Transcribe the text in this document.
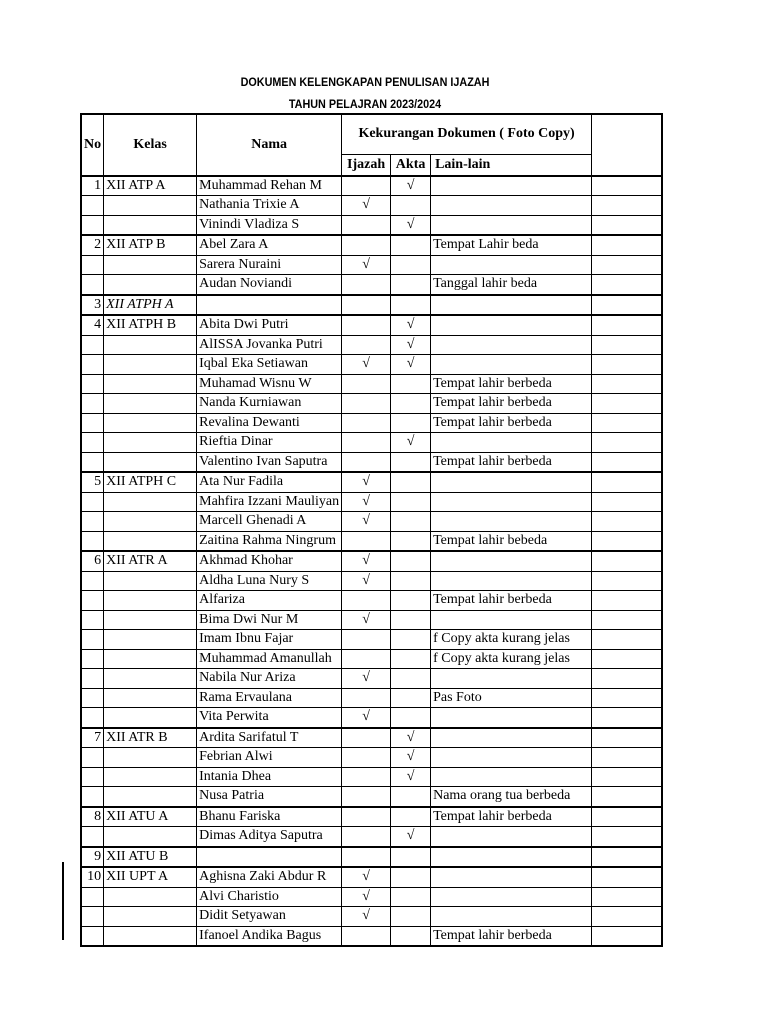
DOKUMEN KELENGKAPAN PENULISAN IJAZAH
TAHUN PELAJRAN 2023/2024
No	Kelas	Nama	Kekurangan Dokumen ( Foto Copy)			
			Ijazah	Akta	Lain-lain	
1	XII ATP A	Muhammad Rehan M		√		
		Nathania Trixie A	√			
		Vinindi Vladiza S		√		
2	XII ATP B	Abel Zara A			Tempat Lahir beda	
		Sarera Nuraini	√			
		Audan Noviandi			Tanggal lahir beda	
3	XII ATPH A					
4	XII ATPH B	Abita Dwi Putri		√		
		AlISSA Jovanka Putri		√		
		Iqbal Eka Setiawan	√	√		
		Muhamad Wisnu W			Tempat lahir berbeda	
		Nanda Kurniawan			Tempat lahir berbeda	
		Revalina Dewanti			Tempat lahir berbeda	
		Rieftia Dinar		√		
		Valentino Ivan Saputra			Tempat lahir berbeda	
5	XII ATPH C	Ata Nur Fadila	√			
		Mahfira Izzani Mauliyan	√			
		Marcell Ghenadi A	√			
		Zaitina Rahma Ningrum			Tempat lahir bebeda	
6	XII ATR A	Akhmad Khohar	√			
		Aldha Luna Nury S	√			
		Alfariza			Tempat lahir berbeda	
		Bima Dwi Nur M	√			
		Imam Ibnu Fajar			f Copy akta kurang jelas	
		Muhammad Amanullah			f Copy akta kurang jelas	
		Nabila Nur Ariza	√			
		Rama Ervaulana			Pas Foto	
		Vita Perwita	√			
7	XII ATR B	Ardita Sarifatul T		√		
		Febrian Alwi		√		
		Intania Dhea		√		
		Nusa Patria			Nama orang tua berbeda	
8	XII ATU A	Bhanu Fariska			Tempat lahir berbeda	
		Dimas Aditya Saputra		√		
9	XII ATU B					
10	XII UPT A	Aghisna Zaki Abdur R	√			
		Alvi Charistio	√			
		Didit Setyawan	√			
		Ifanoel Andika Bagus			Tempat lahir berbeda	
